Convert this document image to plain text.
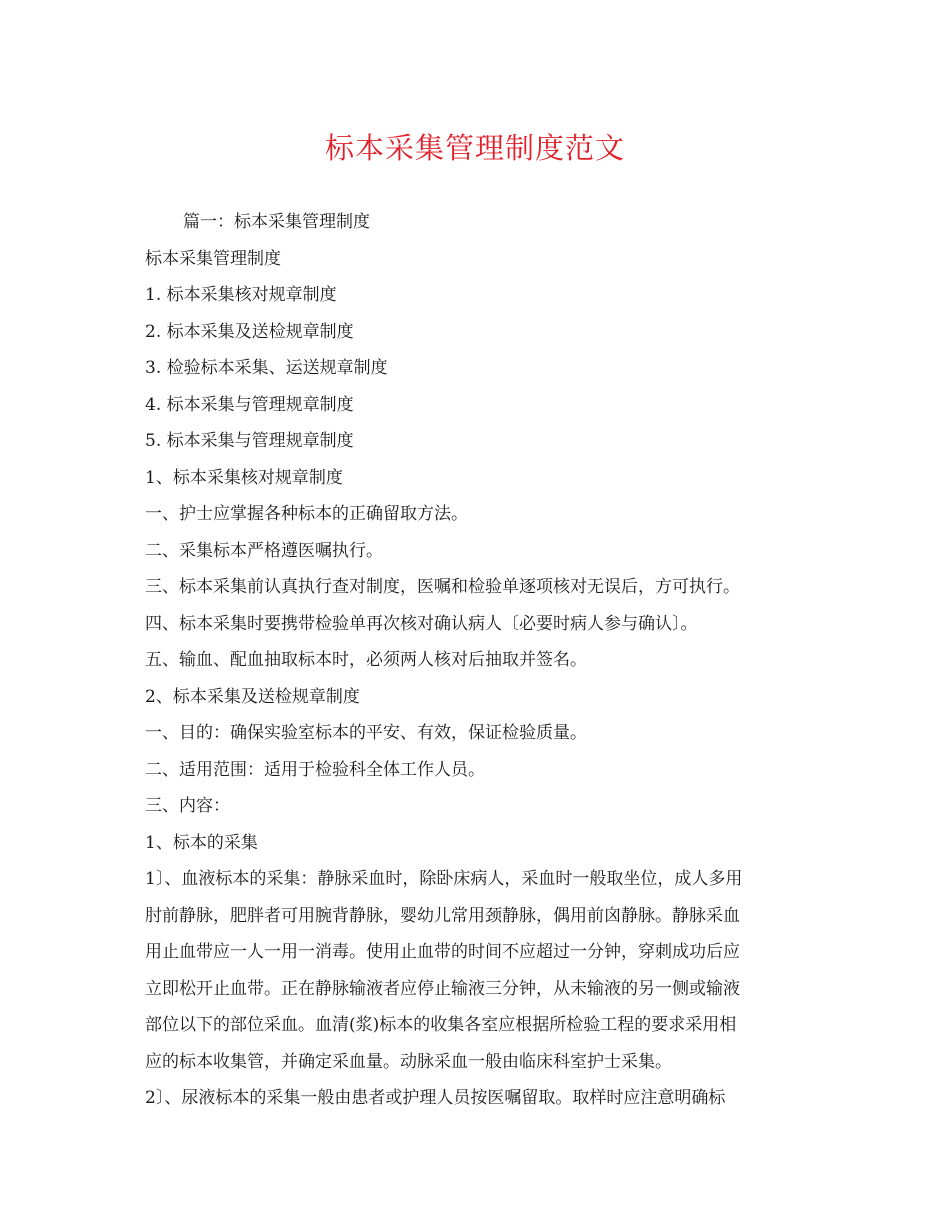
标本采集管理制度范文

篇一：标本采集管理制度

标本采集管理制度

1. 标本采集核对规章制度

2. 标本采集及送检规章制度

3. 检验标本采集、运送规章制度

4. 标本采集与管理规章制度

5. 标本采集与管理规章制度

1、标本采集核对规章制度

一、护士应掌握各种标本的正确留取方法。

二、采集标本严格遵医嘱执行。

三、标本采集前认真执行查对制度，医嘱和检验单逐项核对无误后，方可执行。

四、标本采集时要携带检验单再次核对确认病人〔必要时病人参与确认〕。

五、输血、配血抽取标本时，必须两人核对后抽取并签名。

2、标本采集及送检规章制度

一、目的：确保实验室标本的平安、有效，保证检验质量。

二、适用范围：适用于检验科全体工作人员。

三、内容：

1、标本的采集

1〕、血液标本的采集：静脉采血时，除卧床病人，采血时一般取坐位，成人多用

肘前静脉，肥胖者可用腕背静脉，婴幼儿常用颈静脉，偶用前囟静脉。静脉采血

用止血带应一人一用一消毒。使用止血带的时间不应超过一分钟，穿刺成功后应

立即松开止血带。正在静脉输液者应停止输液三分钟，从未输液的另一侧或输液

部位以下的部位采血。血清(浆)标本的收集各室应根据所检验工程的要求采用相

应的标本收集管，并确定采血量。动脉采血一般由临床科室护士采集。

2〕、尿液标本的采集一般由患者或护理人员按医嘱留取。取样时应注意明确标
